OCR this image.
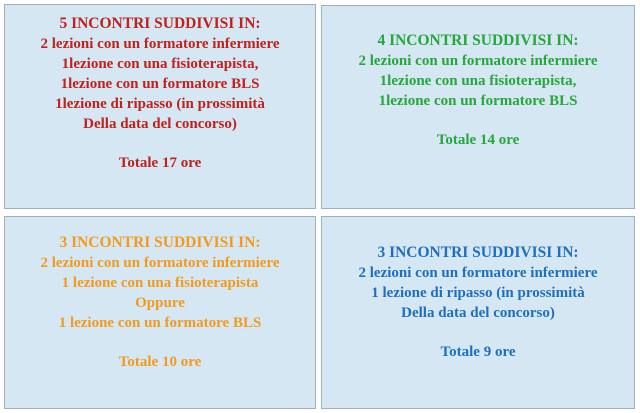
5 INCONTRI SUDDIVISI IN:
2 lezioni con un formatore infermiere
1lezione con una fisioterapista,
1lezione con un formatore BLS
1lezione di ripasso (in prossimità
Della data del concorso)
Totale 17 ore
4 INCONTRI SUDDIVISI IN:
2 lezioni con un formatore infermiere
1lezione con una fisioterapista,
1lezione con un formatore BLS
Totale 14 ore
3 INCONTRI SUDDIVISI IN:
2 lezioni con un formatore infermiere
1 lezione con una fisioterapista
Oppure
1 lezione con un formatore BLS
Totale 10 ore
3 INCONTRI SUDDIVISI IN:
2 lezioni con un formatore infermiere
1 lezione di ripasso (in prossimità
Della data del concorso)
Totale 9 ore
